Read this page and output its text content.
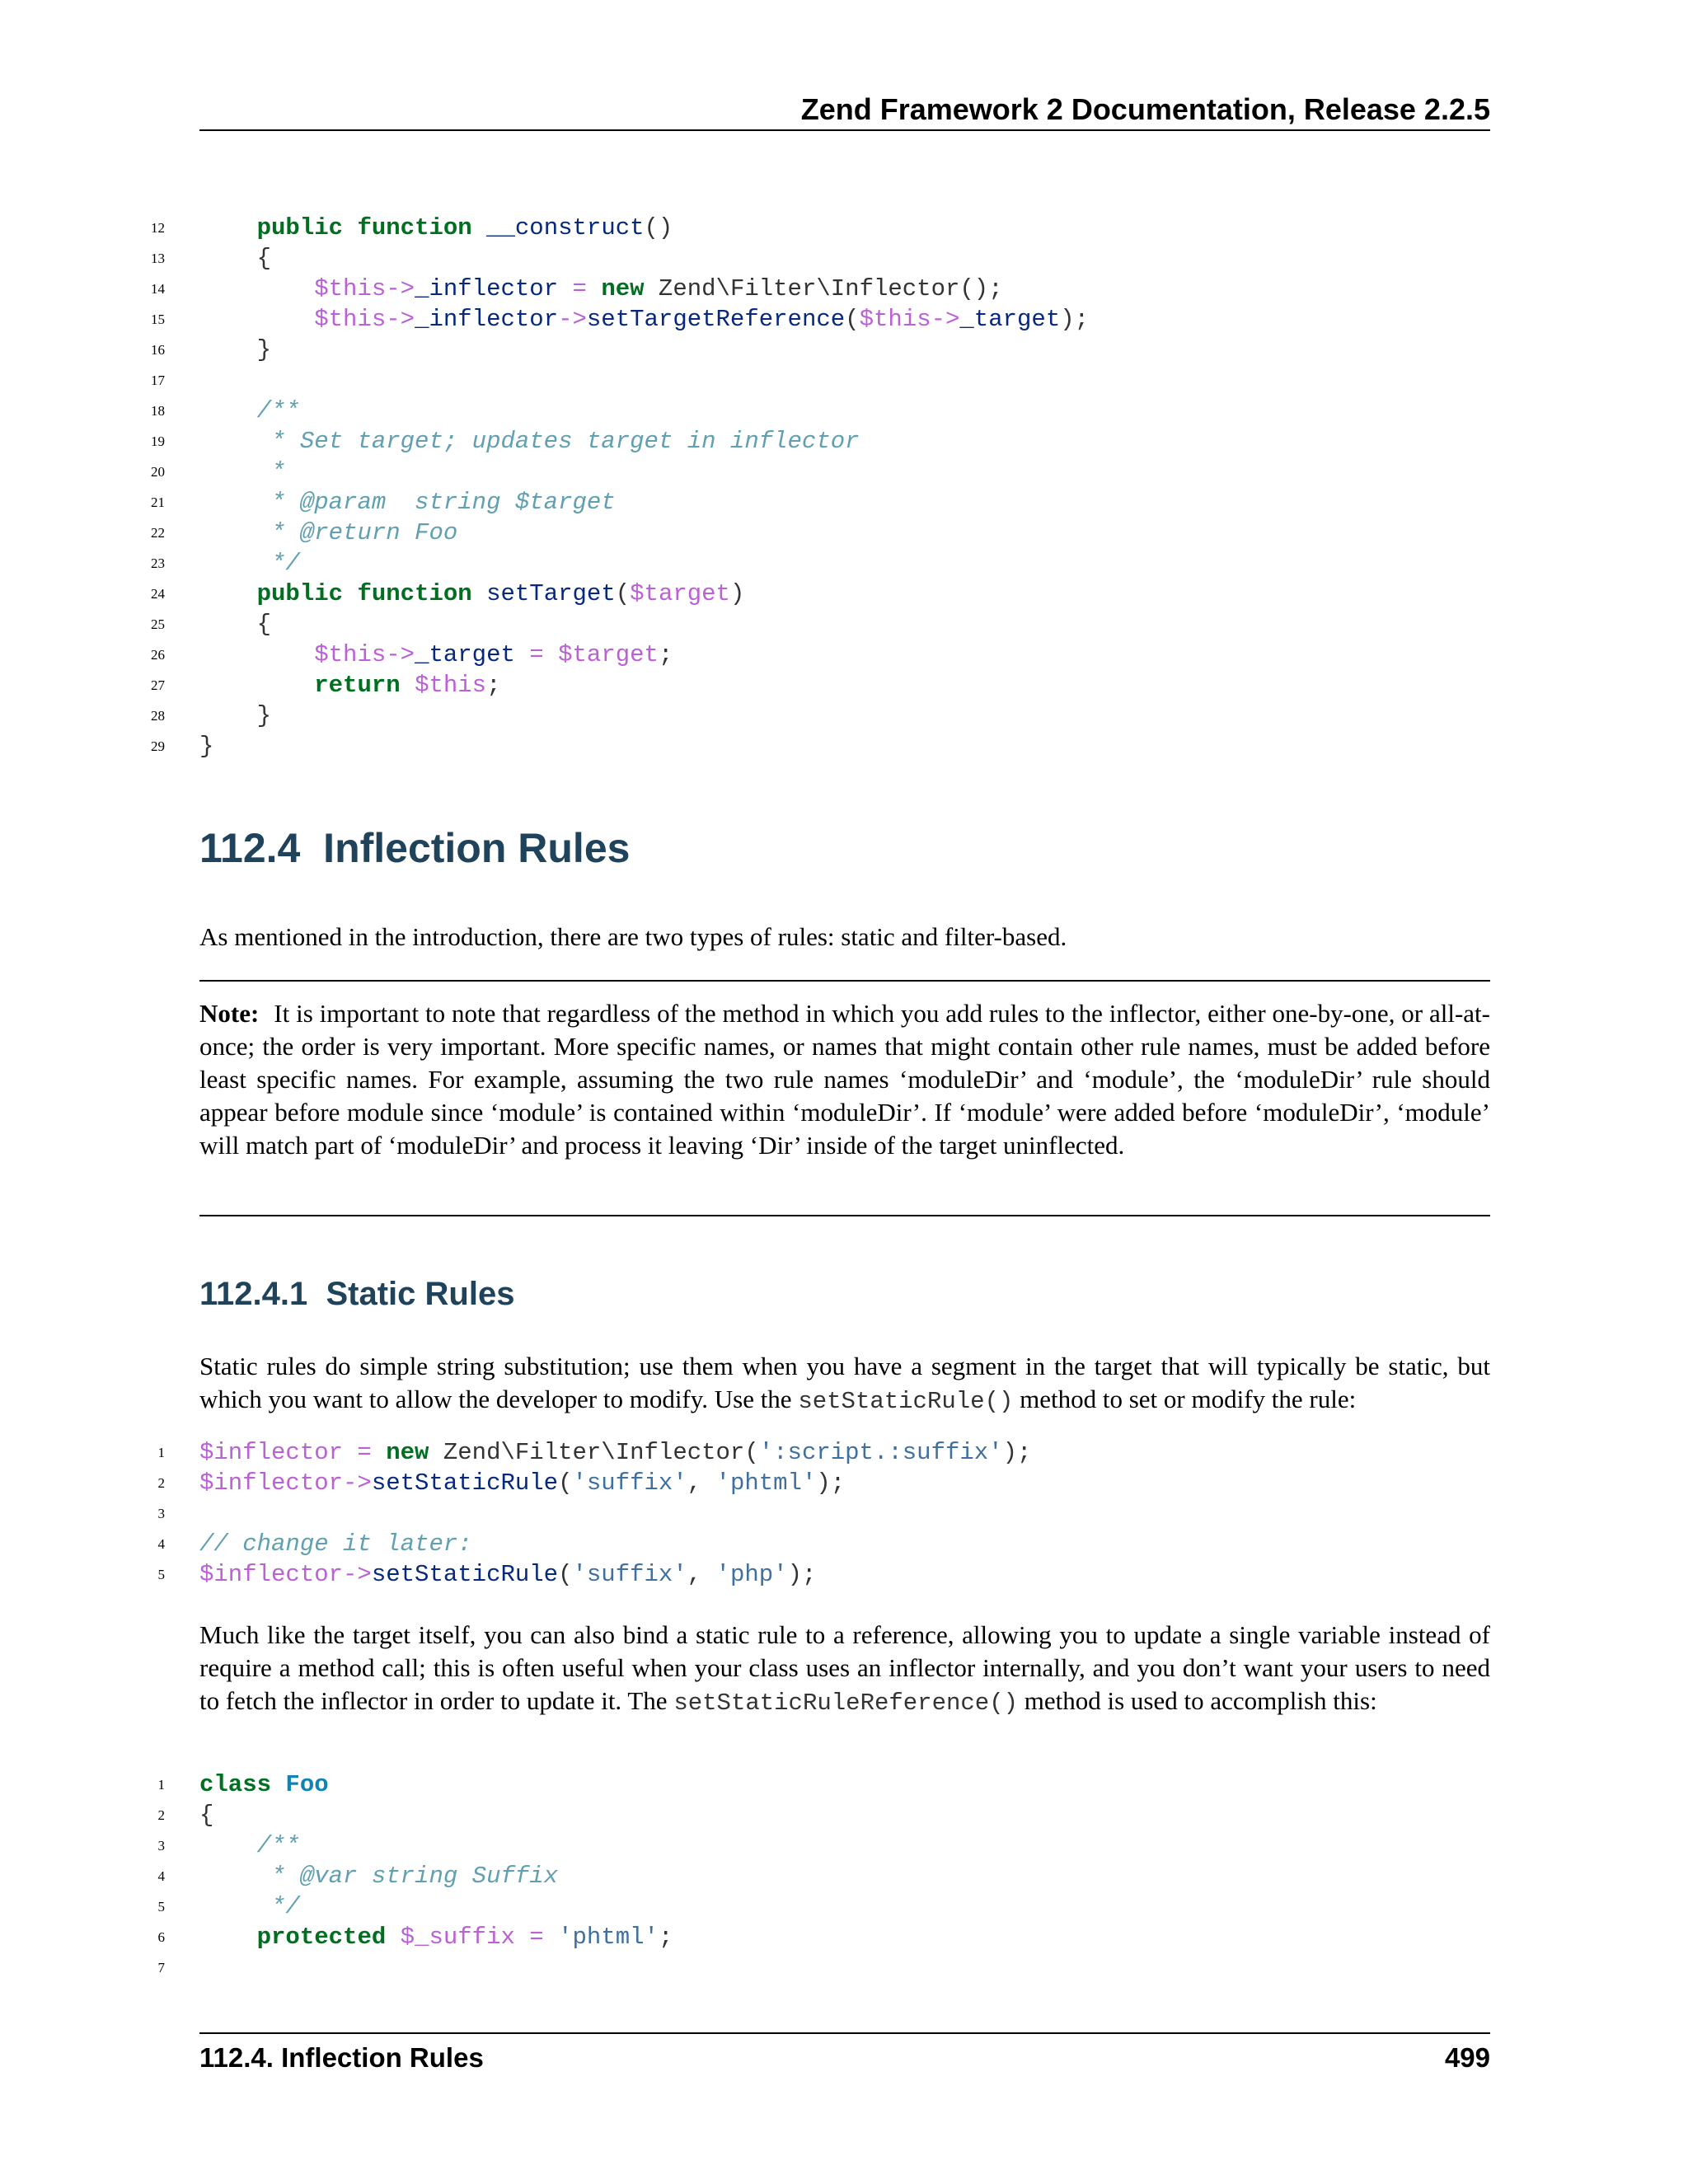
Zend Framework 2 Documentation, Release 2.2.5
12	public function __construct()
13	{
14	$this->_inflector = new Zend\Filter\Inflector();
15	$this->_inflector->setTargetReference($this->_target);
16	}
17
18	/**
19	* Set target; updates target in inflector
20	*
21	* @param  string $target
22	* @return Foo
23	*/
24	public function setTarget($target)
25	{
26	$this->_target = $target;
27	return $this;
28	}
29 }
112.4 Inflection Rules

As mentioned in the introduction, there are two types of rules: static and filter-based.

Note: It is important to note that regardless of the method in which you add rules to the inflector, either one-by-one, or all-at-once; the order is very important. More specific names, or names that might contain other rule names, must be added before least specific names. For example, assuming the two rule names ‘moduleDir’ and ‘module’, the ‘moduleDir’ rule should appear before module since ‘module’ is contained within ‘moduleDir’. If ‘module’ were added before ‘moduleDir’, ‘module’ will match part of ‘moduleDir’ and process it leaving ‘Dir’ inside of the target uninflected.

112.4.1 Static Rules

Static rules do simple string substitution; use them when you have a segment in the target that will typically be static, but which you want to allow the developer to modify. Use the setStaticRule() method to set or modify the rule:

1 $inflector = new Zend\Filter\Inflector(':script.:suffix');
2 $inflector->setStaticRule('suffix', 'phtml');
3
4 // change it later:
5 $inflector->setStaticRule('suffix', 'php');

Much like the target itself, you can also bind a static rule to a reference, allowing you to update a single variable instead of require a method call; this is often useful when your class uses an inflector internally, and you don’t want your users to need to fetch the inflector in order to update it. The setStaticRuleReference() method is used to accomplish this:

1 class Foo
2 {
3	/**
4	* @var string Suffix
5	*/
6	protected $_suffix = 'phtml';
7
112.4. Inflection Rules	499
